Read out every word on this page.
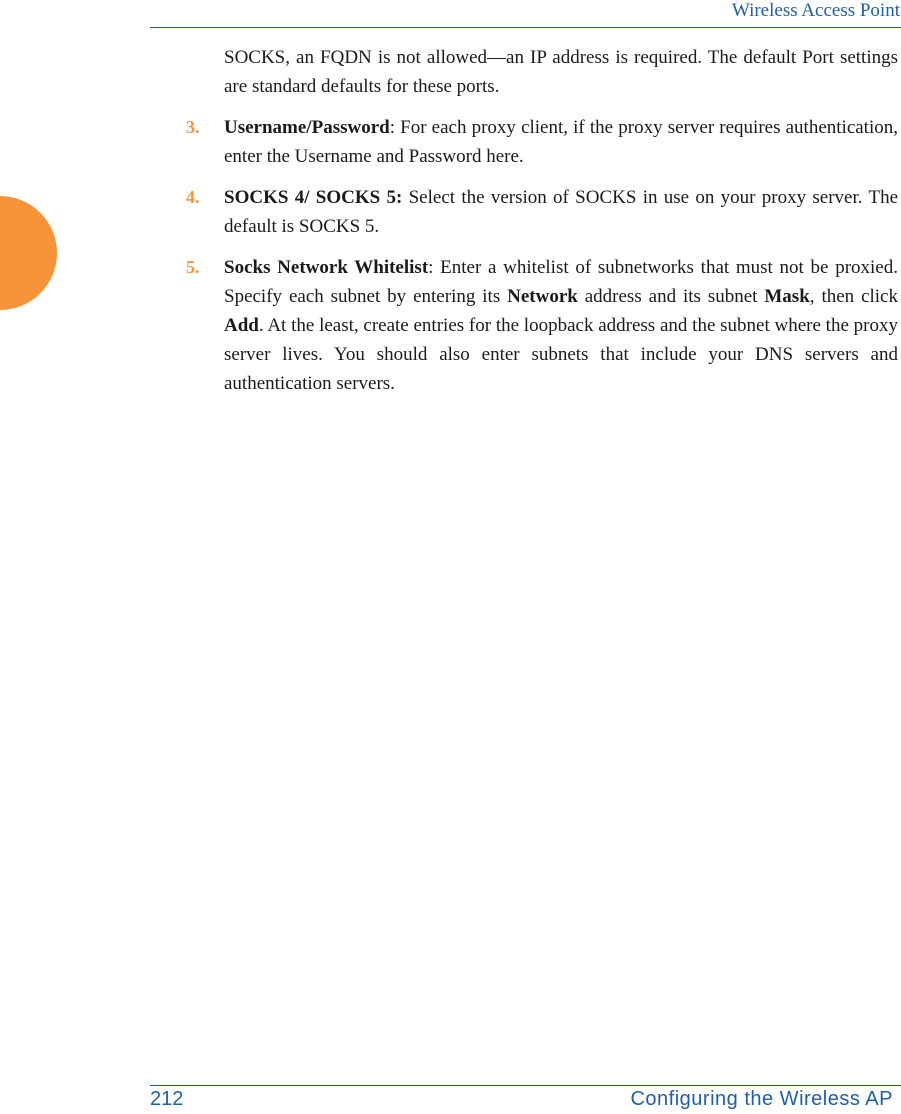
Wireless Access Point

SOCKS, an FQDN is not allowed—an IP address is required. The default Port settings are standard defaults for these ports.

3. Username/Password: For each proxy client, if the proxy server requires authentication, enter the Username and Password here.
4. SOCKS 4/ SOCKS 5: Select the version of SOCKS in use on your proxy server. The default is SOCKS 5.
5. Socks Network Whitelist: Enter a whitelist of subnetworks that must not be proxied. Specify each subnet by entering its Network address and its subnet Mask, then click Add. At the least, create entries for the loopback address and the subnet where the proxy server lives. You should also enter subnets that include your DNS servers and authentication servers.
212	Configuring the Wireless AP
